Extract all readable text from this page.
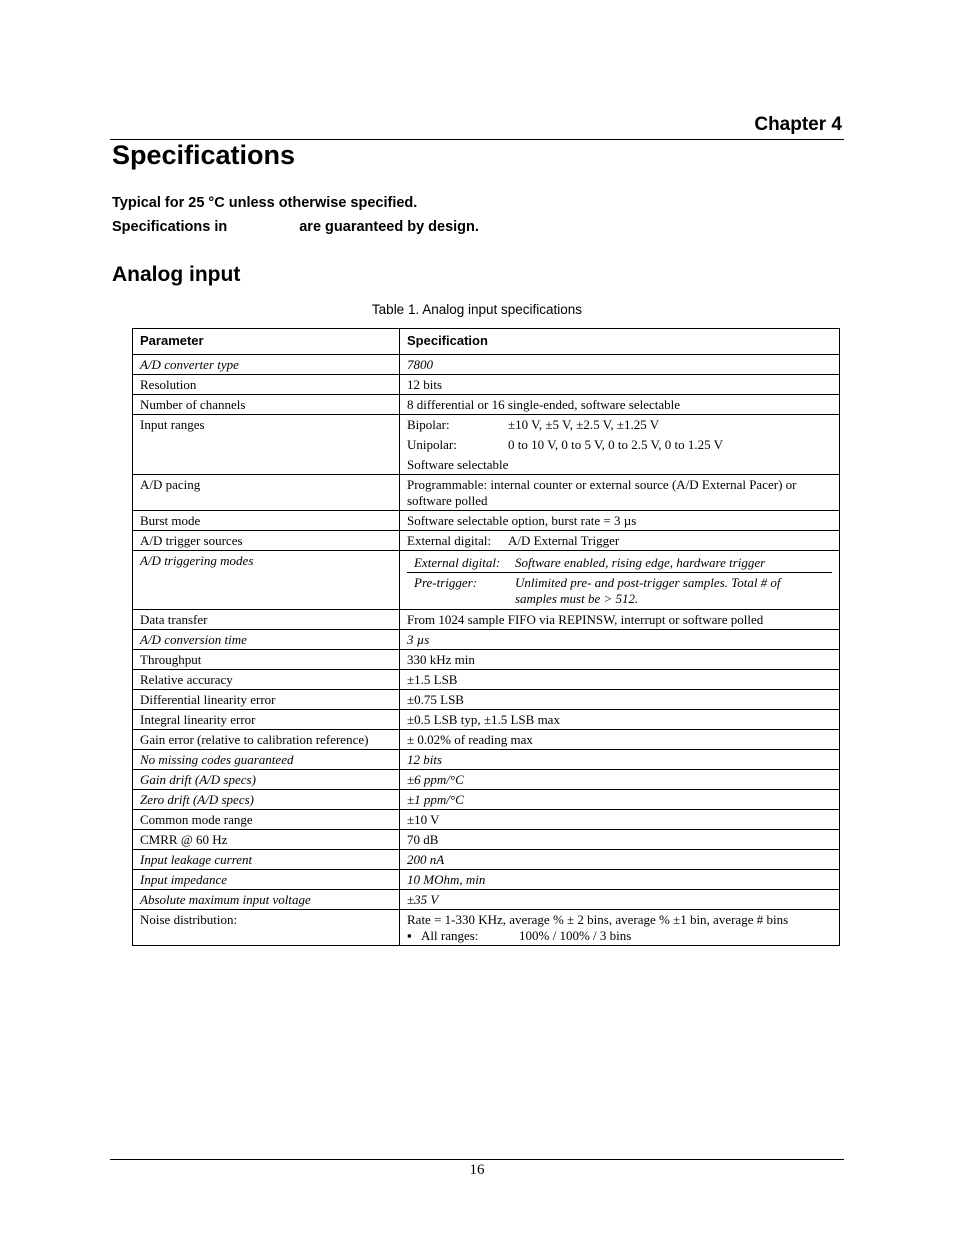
Chapter 4
Specifications
Typical for 25 °C unless otherwise specified.
Specifications in	are guaranteed by design.
Analog input
Table 1. Analog input specifications
Parameter	Specification
A/D converter type	7800
Resolution	12 bits
Number of channels	8 differential or 16 single-ended, software selectable
Input ranges	Bipolar: ±10 V, ±5 V, ±2.5 V, ±1.25 V
Unipolar: 0 to 10 V, 0 to 5 V, 0 to 2.5 V, 0 to 1.25 V
Software selectable

A/D pacing	Programmable: internal counter or external source (A/D External Pacer) or software polled
Burst mode	Software selectable option, burst rate = 3 µs
A/D trigger sources	External digital: A/D External Trigger

A/D triggering modes	External digital: Software enabled, rising edge, hardware trigger
Pre-trigger: Unlimited pre- and post-trigger samples. Total # of samples must be > 512.

Data transfer	From 1024 sample FIFO via REPINSW, interrupt or software polled
A/D conversion time	3 µs
Throughput	330 kHz min
Relative accuracy	±1.5 LSB
Differential linearity error	±0.75 LSB
Integral linearity error	±0.5 LSB typ, ±1.5 LSB max
Gain error (relative to calibration reference)	± 0.02% of reading max
No missing codes guaranteed	12 bits
Gain drift (A/D specs)	±6 ppm/°C
Zero drift (A/D specs)	±1 ppm/°C
Common mode range	±10 V
CMRR @ 60 Hz	70 dB
Input leakage current	200 nA
Input impedance	10 MOhm, min
Absolute maximum input voltage	±35 V
Noise distribution:	Rate = 1-330 KHz, average % ± 2 bins, average % ±1 bin, average # bins
▪ All ranges: 100% / 100% / 3 bins
16
